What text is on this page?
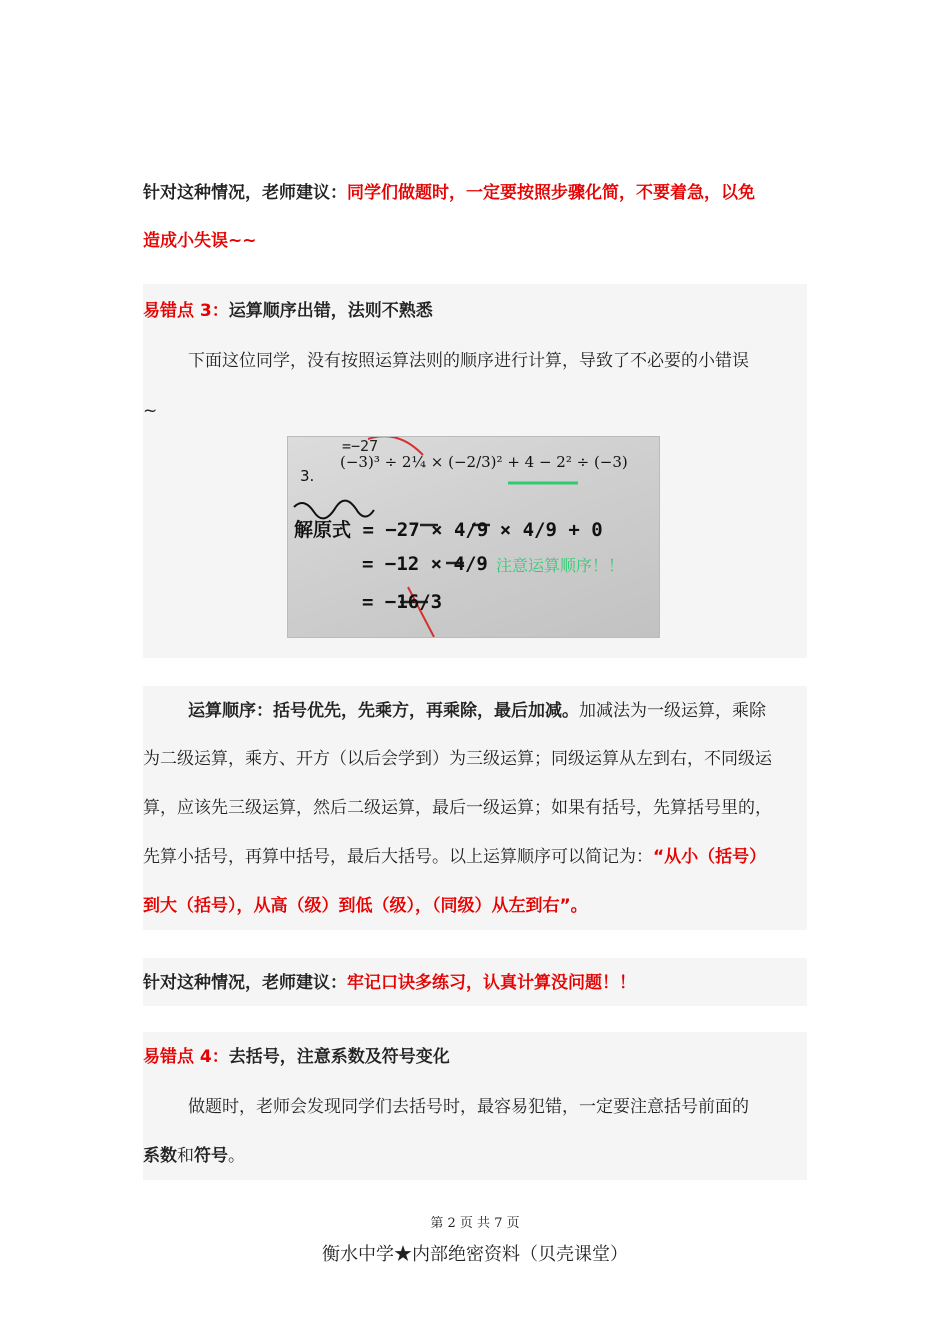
针对这种情况，老师建议：同学们做题时，一定要按照步骤化简，不要着急，以免
造成小失误~~
易错点 3：运算顺序出错，法则不熟悉
下面这位同学，没有按照运算法则的顺序进行计算，导致了不必要的小错误
~
=−27
3.
(−3)³ ÷ 2¼ × (−2/3)² + 4 − 2² ÷ (−3)
解原式 = −27 × 4/9 × 4/9 + 0
= −12 × 4/9
= −16/3
注意运算顺序！！
运算顺序：括号优先，先乘方，再乘除，最后加减。加减法为一级运算，乘除
为二级运算，乘方、开方（以后会学到）为三级运算；同级运算从左到右，不同级运
算，应该先三级运算，然后二级运算，最后一级运算；如果有括号，先算括号里的，
先算小括号，再算中括号，最后大括号。以上运算顺序可以简记为：“从小（括号）
到大（括号），从高（级）到低（级），（同级）从左到右”。
针对这种情况，老师建议：牢记口诀多练习，认真计算没问题！！
易错点 4：去括号，注意系数及符号变化
做题时，老师会发现同学们去括号时，最容易犯错，一定要注意括号前面的
系数和符号。
第 2 页 共 7 页
衡水中学★内部绝密资料（贝壳课堂）
